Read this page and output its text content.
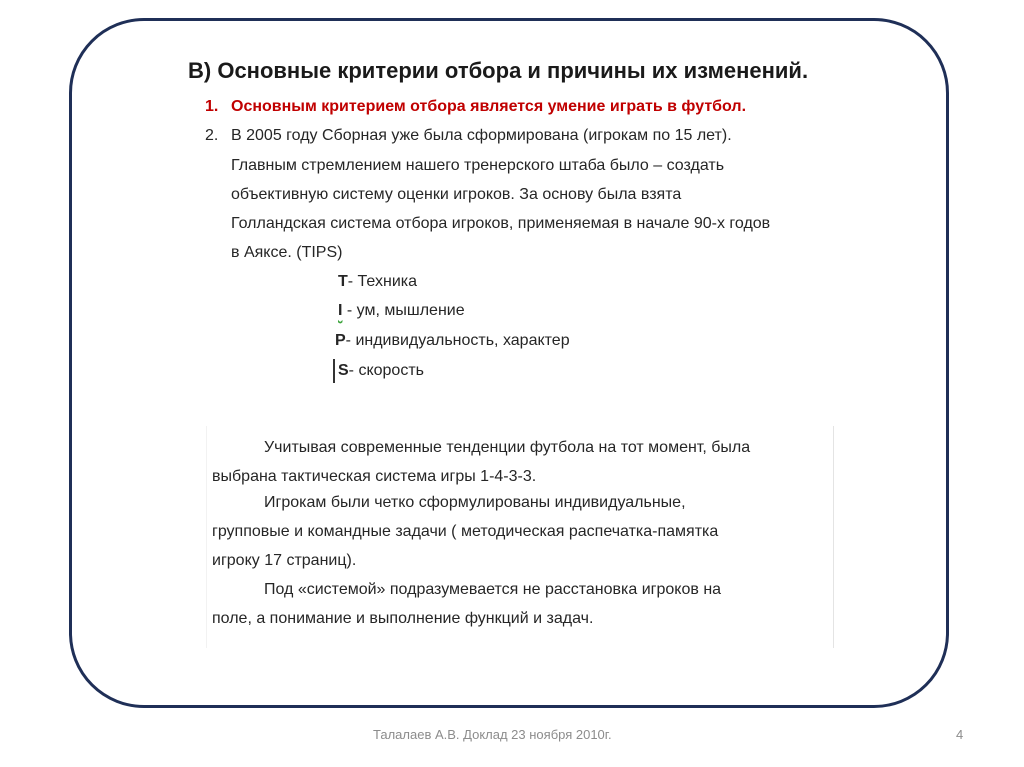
В) Основные критерии отбора и причины их изменений.
1. Основным критерием отбора является умение играть в футбол.
2. В 2005 году Сборная уже была сформирована (игрокам по 15 лет).
Главным стремлением нашего тренерского штаба было – создать
объективную систему оценки игроков. За основу была взята
Голландская система отбора игроков, применяемая в начале 90-х годов
в Аяксе. (TIPS)
T- Техника
I - ум, мышление
P- индивидуальность, характер
S- скорость
Учитывая современные тенденции футбола на тот момент, была
выбрана тактическая система игры 1-4-3-3.
Игрокам были четко сформулированы индивидуальные,
групповые и командные задачи ( методическая распечатка-памятка
игроку 17 страниц).
Под «системой» подразумевается не расстановка игроков на
поле, а понимание и выполнение функций и задач.
Талалаев А.В. Доклад 23 ноября 2010г.	4
